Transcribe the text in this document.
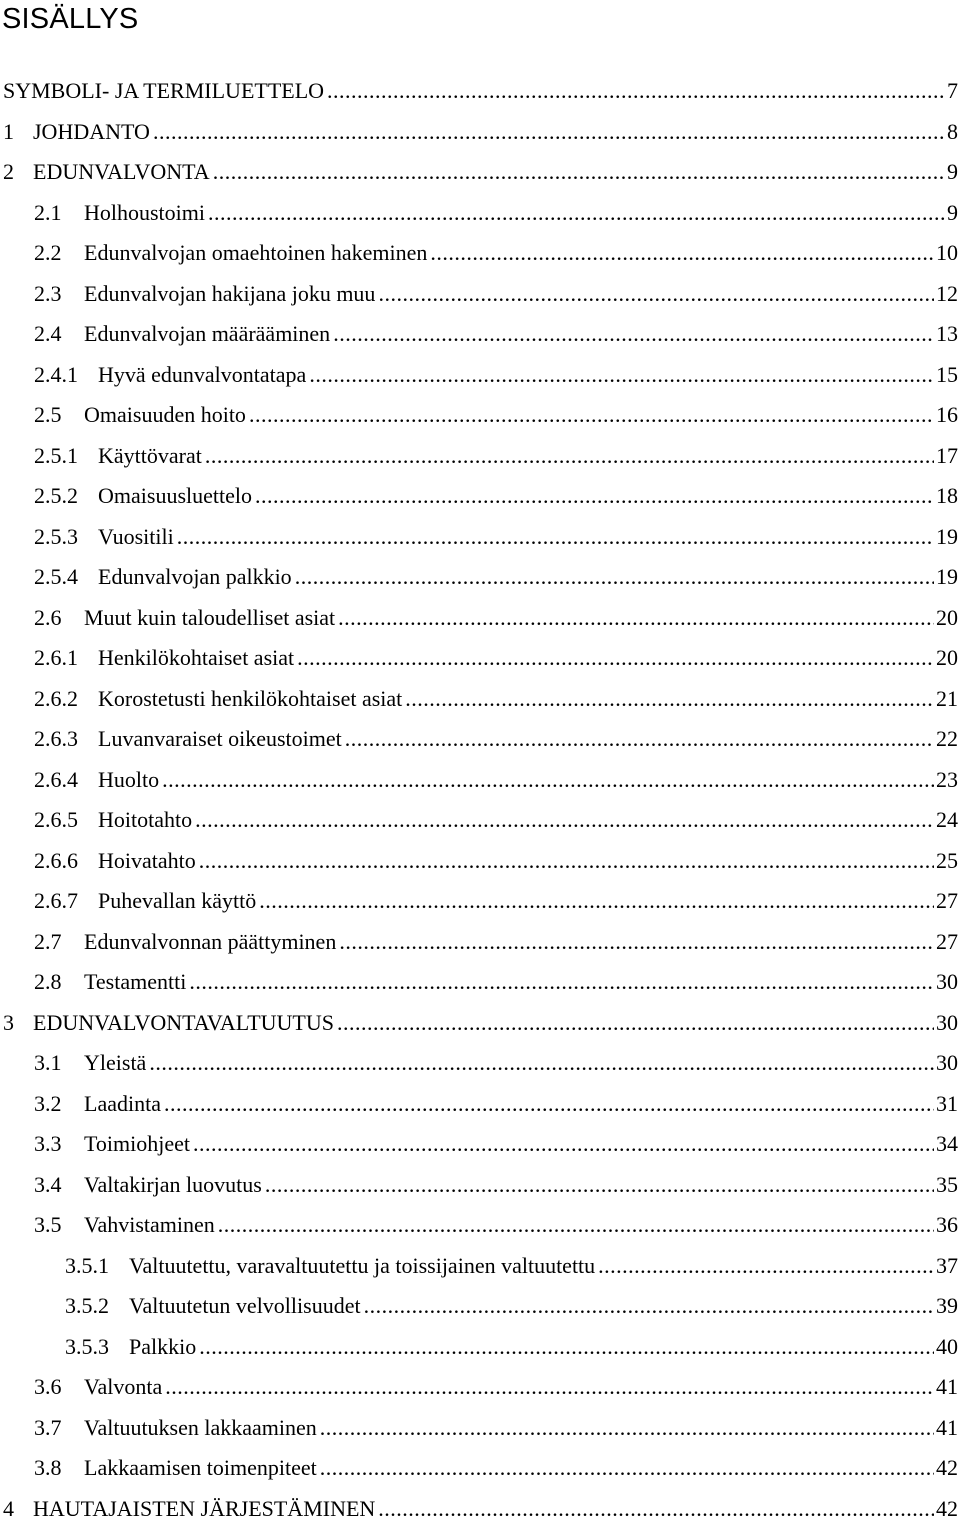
SISÄLLYS
SYMBOLI- JA TERMILUETTELO .....	7
1 JOHDANTO .....	8
2 EDUNVALVONTA .....	9
2.1	Holhoustoimi .....	9
2.2	Edunvalvojan omaehtoinen hakeminen .....	10
2.3	Edunvalvojan hakijana joku muu .....	12
2.4	Edunvalvojan määrääminen .....	13
2.4.1 Hyvä edunvalvontatapa .....	15
2.5	Omaisuuden hoito .....	16
2.5.1 Käyttövarat .....	17
2.5.2 Omaisuusluettelo .....	18
2.5.3 Vuositili .....	19
2.5.4 Edunvalvojan palkkio .....	19
2.6	Muut kuin taloudelliset asiat .....	20
2.6.1 Henkilökohtaiset asiat .....	20
2.6.2 Korostetusti henkilökohtaiset asiat .....	21
2.6.3 Luvanvaraiset oikeustoimet .....	22
2.6.4 Huolto .....	23
2.6.5 Hoitotahto .....	24
2.6.6 Hoivatahto .....	25
2.6.7 Puhevallan käyttö .....	27
2.7	Edunvalvonnan päättyminen .....	27
2.8	Testamentti .....	30
3 EDUNVALVONTAVALTUUTUS .....	30
3.1	Yleistä .....	30
3.2	Laadinta .....	31
3.3	Toimiohjeet .....	34
3.4	Valtakirjan luovutus .....	35
3.5	Vahvistaminen .....	36
3.5.1 Valtuutettu, varavaltuutettu ja toissijainen valtuutettu .....	37
3.5.2 Valtuutetun velvollisuudet .....	39
3.5.3 Palkkio .....	40
3.6	Valvonta .....	41
3.7	Valtuutuksen lakkaaminen .....	41
3.8	Lakkaamisen toimenpiteet .....	42
4 HAUTAJAISTEN JÄRJESTÄMINEN .....	42
